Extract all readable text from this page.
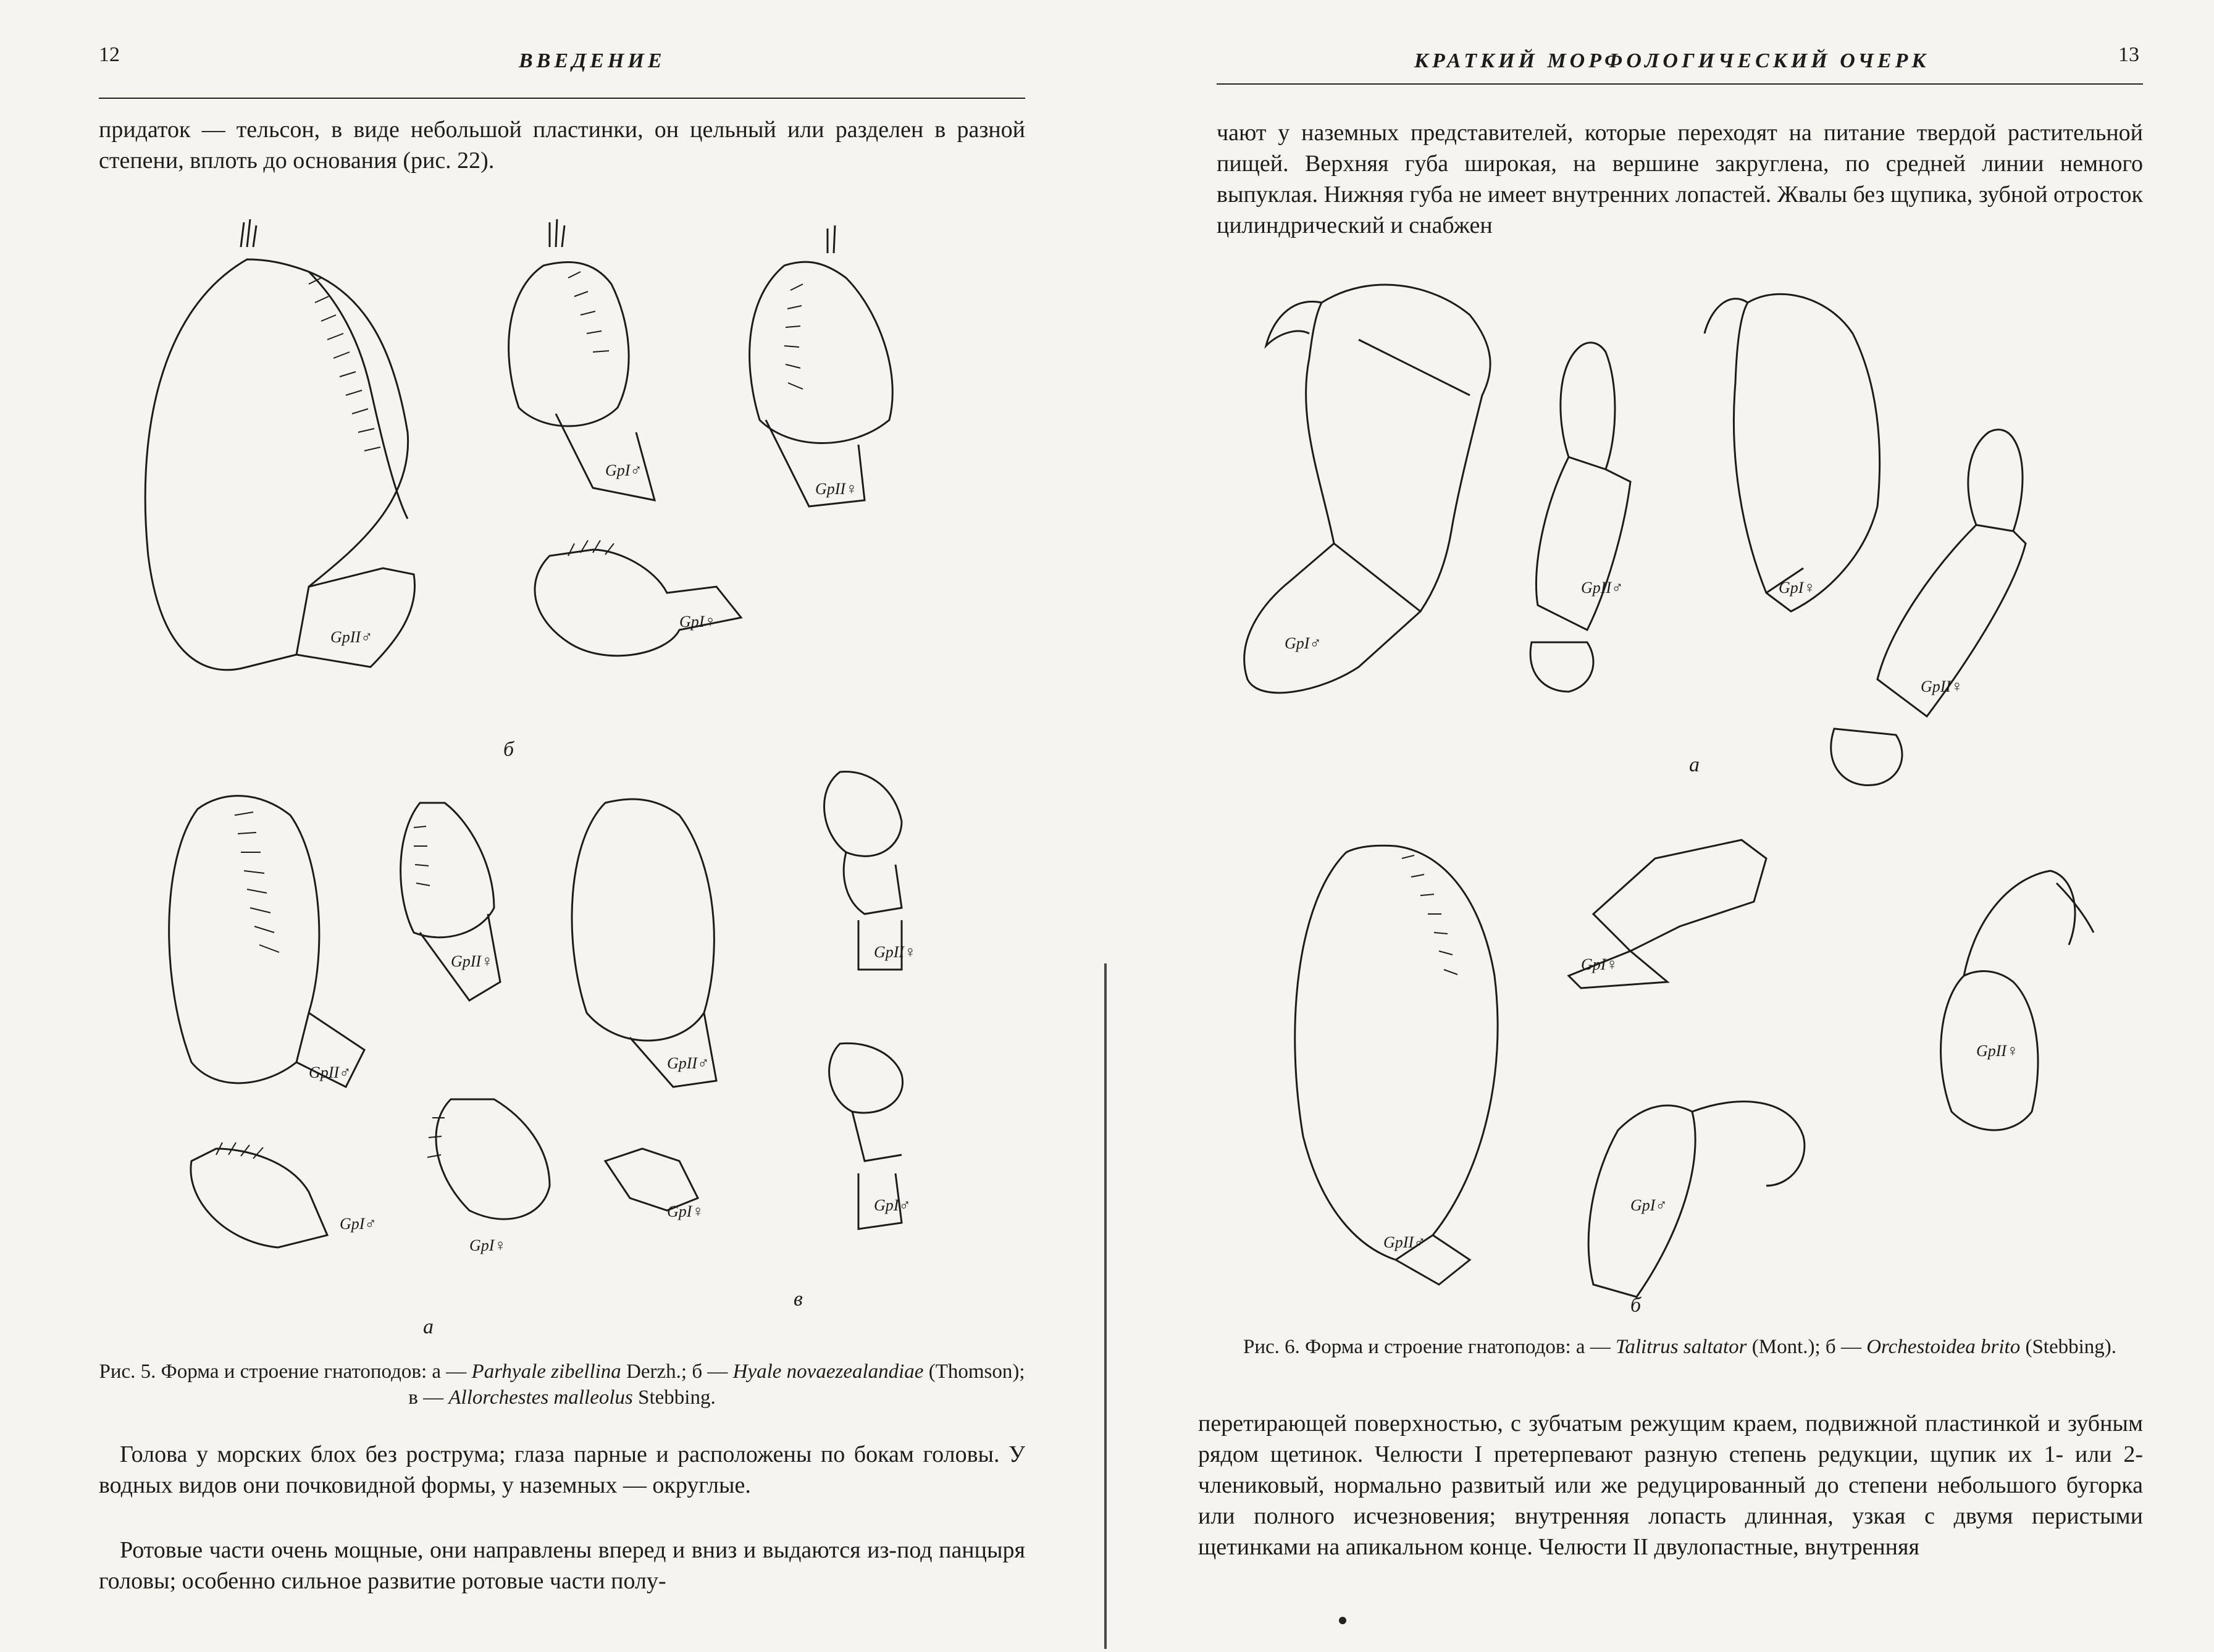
12	ВВЕДЕНИЕ

придаток — тельсон, в виде небольшой пластинки, он цельный или разделен в разной степени, вплоть до основания (рис. 22).

GpII♂
GpI♂
GpII♀
GpI♀
GpII♂
GpI♂
GpII♀
GpI♀
GpII♂
GpI♀
GpII♀
GpI♂
б
а
в

Рис. 5. Форма и строение гнатоподов: а — Parhyale zibellina Derzh.; б — Hyale novaezealandiae (Thomson); в — Allorchestes malleolus Stebbing.

Голова у морских блох без рострума; глаза парные и расположены по бокам головы. У водных видов они почковидной формы, у наземных — округлые.

Ротовые части очень мощные, они направлены вперед и вниз и выдаются из-под панцыря головы; особенно сильное развитие ротовые части полу-

КРАТКИЙ МОРФОЛОГИЧЕСКИЙ ОЧЕРК	13

чают у наземных представителей, которые переходят на питание твердой растительной пищей. Верхняя губа широкая, на вершине закруглена, по средней линии немного выпуклая. Нижняя губа не имеет внутренних лопастей. Жвалы без щупика, зубной отросток цилиндрический и снабжен

GpI♂
GpII♂	GpI♀
GpII♀
GpII♂
GpI♀
GpI♂
GpII♀
а
б

Рис. 6. Форма и строение гнатоподов: а — Talitrus saltator (Mont.); б — Orchestoidea brito (Stebbing).

перетирающей поверхностью, с зубчатым режущим краем, подвижной пластинкой и зубным рядом щетинок. Челюсти I претерпевают разную степень редукции, щупик их 1- или 2-члениковый, нормально развитый или же редуцированный до степени небольшого бугорка или полного исчезновения; внутренняя лопасть длинная, узкая с двумя перистыми щетинками на апикальном конце. Челюсти II двулопастные, внутренняя
